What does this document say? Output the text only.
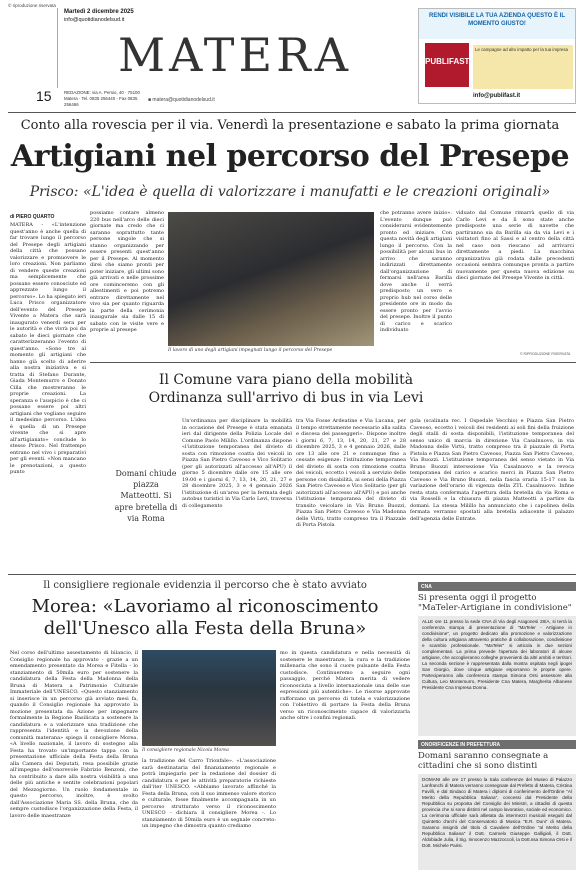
© riproduzione riservata
Martedì 2 dicembre 2025
info@quotidianodelsud.it
MATERA
15	REDAZIONE: via A. Persio, 40 · 75100 Matera · Tel. 0835 256440 - Fax 0835 256466
■ matera@quotidianodelsud.it
RENDI VISIBILE LA TUA AZIENDA QUESTO È IL MOMENTO GIUSTO!
PUBLIFAST
Le campagne ad alto impatto per la tua impresa
info@publifast.it
Conto alla rovescia per il via. Venerdì la presentazione e sabato la prima giornata
Artigiani nel percorso del Presepe
Prisco: «L'idea è quella di valorizzare i manufatti e le creazioni originali»
di PIERO QUARTO
MATERA - «L'intenzione quest'anno è anche quella di far trovare lungo il percorso del Presepe degli artigiani della città che possano valorizzare e promuovere le loro creazioni. Non parliamo di vendere queste creazioni ma semplicemente che possano essere conosciute ed apprezzate lungo il percorso». Lo ha spiegato ieri Luca Prisco organizzatore dell'evento del Presepe Vivente a Matera che sarà inaugurato venerdì sera per le autorità e che vivrà poi da sabato le dieci giornate che caratterizzeranno l'evento di quest'anno. «Sono tre al momento gli artigiani che hanno già scelto di aderire alla nostra iniziativa e si tratta di Stefano Durante, Giada Montemurro e Donato Cilla che mostreranno le proprie creazioni. La speranza e l'auspicio è che ci possano essere poi altri artigiani che vogliano seguire il medesimo percorso. L'idea è quella di un Presepe vivente che si apre all'artigianato» conclude lo stesso Prisco. Nel frattempo entrano nel vivo i preparativi per gli eventi. «Non mancano le prenotazioni, a questo punto
possiamo contare almeno 220 bus nell'arco delle dieci giornate ma credo che ci saranno soprattutto tante persone singole che si stanno organizzando per essere presenti quest'anno per il Presepe. Al momento direi che siamo pronti per poter iniziare, gli ultimi sono già arrivati e nelle prossime ore cominceremo con gli allestimenti e poi potremo entrare direttamente nel vivo sia per quanto riguarda la parte della cerimonia inaugurale sia dalle 15 di sabato con le visite vere e proprie al presepe
Il lavoro di uno degli artigiani impegnati lungo il percorso del Presepe
che potranno avere inizio». L'evento dunque può considerarsi evidentemente pronto ed iniziare. Con questa novità degli artigiani lungo il percorso. Con la possibilità per alcuni bus in arrivo che saranno indirizzati direttamente dall'organizzazione di fermarsi nell'area Barilla dove anche il verrà predisposto un vero e proprio hub nel corso delle presidente ore in modo da essere pronto per l'avvio del presepe. Inoltre il punto di carico e scarico individuato
viduato dal Comune rimarrà quello di via Carlo Levi e da lì sono state anche predisposte una serie di navette che partiranno sia da Barilla sia da via Levi e i visitatori fino al Sassi e al centro della città nel caso non riescano ad arrivarci direttamente a piedi. La macchina organizzativa già rodata dalle precedenti occasioni sembra comunque pronta a partire nuovamente per questa nuova edizione su dieci giornate del Presepe Vivente in città.
© RIPRODUZIONE RISERVATA
Il Comune vara piano della mobilità
Ordinanza sull'arrivo di bus in via Levi
Un'ordinanza per disciplinare la mobilità in occasione del Presepe è stata emanata ieri dal dirigente della Polizia Locale del Comune Paolo Milillo. L'ordinanza dispone «l'istituzione temporanea del divieto di sosta con rimozione coatta dei veicoli in Piazza San Pietro Caveoso e Vico Solitario (per gli autorizzati all'accesso all'APU) il giorno 5 dicembre dalle ore 15 alle ore 19:00 e i giorni 6, 7, 13, 14, 20, 21, 27 e 28 dicembre 2025, 3 e 4 gennaio 2026 l'istituzione di un'area per la fermata degli autobus turistici in Via Carlo Levi, traversa di collegamento
Domani chiude piazza Matteotti. Si apre bretella di via Roma
tra Via Fosse Ardeatine e Via Lucana, per il tempo strettamente necessario alla salita e discesa dei passeggeri». Dispone inoltre i giorni 6, 7, 13, 14, 20, 21, 27 e 28 dicembre 2025, 3 e 4 gennaio 2026, dalle ore 13 alle ore 21 e comunque fino a cessate esigenze: l'istituzione temporanea del divieto di sosta con rimozione coatta dei veicoli, eccetto i veicoli a servizio delle persone con disabilità, ai sensi della Piazza San Pietro Caveoso e Vico Solitario (per gli autorizzati all'accesso all'APU) e poi anche l'istituzione temporanea del divieto di transito veicolare in Via Bruno Buozzi, Piazza San Pietro Caveoso e Via Madonna delle Virtù, tratto compreso tra il Piazzale di Porta Pistola
gola (scalinata rec. I Ospedale Vecchio) e Piazza San Pietro Caveoso, eccetto i veicoli dei residenti ai soli fini della fruizione degli stalli di sosta disponibili, l'istituzione temporanea del senso unico di marcia in direzione Via Casalnuovo, in via Madonna delle Virtù, tratto compreso tra il piazzale di Porta Pistola e Piazza San Pietro Caveoso, Piazza San Pietro Caveoso, Via Buozzi. L'istituzione temporanea del senso vietato in Via Bruno Buozzi intersezione Via Casalnuovo e la revoca temporanea del carico e scarico merci in Piazza San Pietro Caveoso e Via Bruno Buozzi, nella fascia oraria 15-17 con la variazione dell'orario di vigenza della ZTL Casalnuovo. Infine resta stata confermata l'apertura della bretella da via Roma e via Rosselli e la chiusura di piazza Matteotti a partire da domani. La stessa Milillo ha annunciato che i capolinea della fermata verranno spostati alla bretella adiacente il palazzo dell'agenzia delle Entrate.
Il consigliere regionale evidenzia il percorso che è stato avviato
Morea: «Lavoriamo al riconoscimento
dell'Unesco alla Festa della Bruna»
Nel corso dell'ultimo assestamento di bilancio, il Consiglio regionale ha approvato - grazie a un emendamento presentato da Morea e Fitella - lo stanziamento di 50mila euro per sostenere la candidatura della Festa della Madonna della Bruna di Matera a Patrimonio Culturale Immateriale dell'UNESCO. «Questo stanziamento si inserisce in un percorso già avviato mesi fa, quando il Consiglio regionale ha approvato la mozione presentata da Azione per impegnare formalmente la Regione Basilicata a sostenere la candidatura e a valorizzare una tradizione che rappresenta l'identità e la devozione della comunità materana» spiega il consigliere Morea. «A livello nazionale, il lavoro di sostegno alla Festa ha trovato un'importante tappa con la presentazione ufficiale della Festa della Bruna alla Camera dei Deputati, resa possibile grazie all'impegno dell'onorevole Fabrizio Benzoni, che ha contribuito a dare alla nostra visibilità a una delle più antiche e sentite celebrazioni popolari del Mezzogiorno. Un ruolo fondamentale in questo percorso, inoltre, è svolto dall'Associazione Maria SS. della Bruna, che da sempre custodisce l'organizzazione della Festa, il lavoro delle maestranze
Il consigliere regionale Nicola Morea
la tradizione del Carro Trionfale». «L'associazione sarà destinataria del finanziamento regionale e potrà impiegarlo per la redazione del dossier di candidatura e per le attività preparatorie richieste dall'iter UNESCO. «Abbiamo lavorato affinché la Festa della Bruna, con il suo immenso valore storico e culturale, fosse finalmente accompagnata in un percorso strutturato verso il riconoscimento UNESCO - dichiara il consigliere Morea -. Lo stanziamento di 50mila euro è un segnale concreto: un impegno che dimostra quanto crediamo
mo in questa candidatura e nella necessità di sostenere le maestranze, la cura e la tradizione millenaria che sono il cuore pulsante della Festa custodisce. Continueremo a seguire ogni passaggio, perché Matera merita di vedere riconosciuta a livello internazionale una delle sue espressioni più autentiche». Le risorse approvate rafforzano un percorso di tutela e valorizzazione con l'obiettivo di portare la Festa della Bruna verso un riconoscimento capace di valorizzarla anche oltre i confini regionali.
CNA
Si presenta oggi il progetto "MaTeler-Artigiane in condivisione"
ALLE ore 11 presso la sede CNA di Via degli Aragonesi 28/A, si terrà la conferenza stampa di presentazione di "MaTeler - Artigiane in condivisione", un progetto dedicato alla promozione e valorizzazione della cultura artigiana attraverso pratiche di collaborazione, condivisione e scambio professionale. "MaTeler" si articola in due sezioni complementari. La prima prevede l'apertura dei laboratori di alcune artigiane, che accoglieranno colleghe provenienti da altri ambiti e territori. La seconda sezione è rappresentata dalla mostra ospitata negli ipogei San Giorgio, dove cinque artigiane esporranno le proprie opere. Parteciperanno alla conferenza stampa Simona Orsi assessore alla Cultura, Leo Montemurro, Presidente Cna Matera, Margherita Albanese Presidente Cna Impresa Donna.
ONORIFICENZE IN PREFETTURA
Domani saranno consegnate a cittadini che si sono distinti
DOMANI alle ore 17 presso la Sala conferenze del Museo di Palazzo Lanfranchi di Matera verranno consegnate dal Prefetto di Matera, Cristina Favilli, e dal Sindaco di Matera i diplomi di conferimento dell'Ordine "Al Merito della Repubblica Italiana", concessi dal Presidente della Repubblica su proposta del Consiglio dei Ministri, a cittadini di questa provincia che si sono distinti nel campo lavorativo, sociale ed economico. La cerimonia ufficiale sarà allietata da intermezzi musicali eseguiti dal Quintetto d'archi del Conservatorio di Musica "E.R. Duni" di Matera. Saranno insigniti del titolo di Cavaliere dell'Ordine "al Merito della Repubblica Italiana" il Dott. Carmelo Giuseppe Galligioli, il Dott. Aldobiade Julia, il Sig. Innocenzo Mazzoccoli, la Dott.ssa Simona Orsi e il Dott. Michele Parisi.
